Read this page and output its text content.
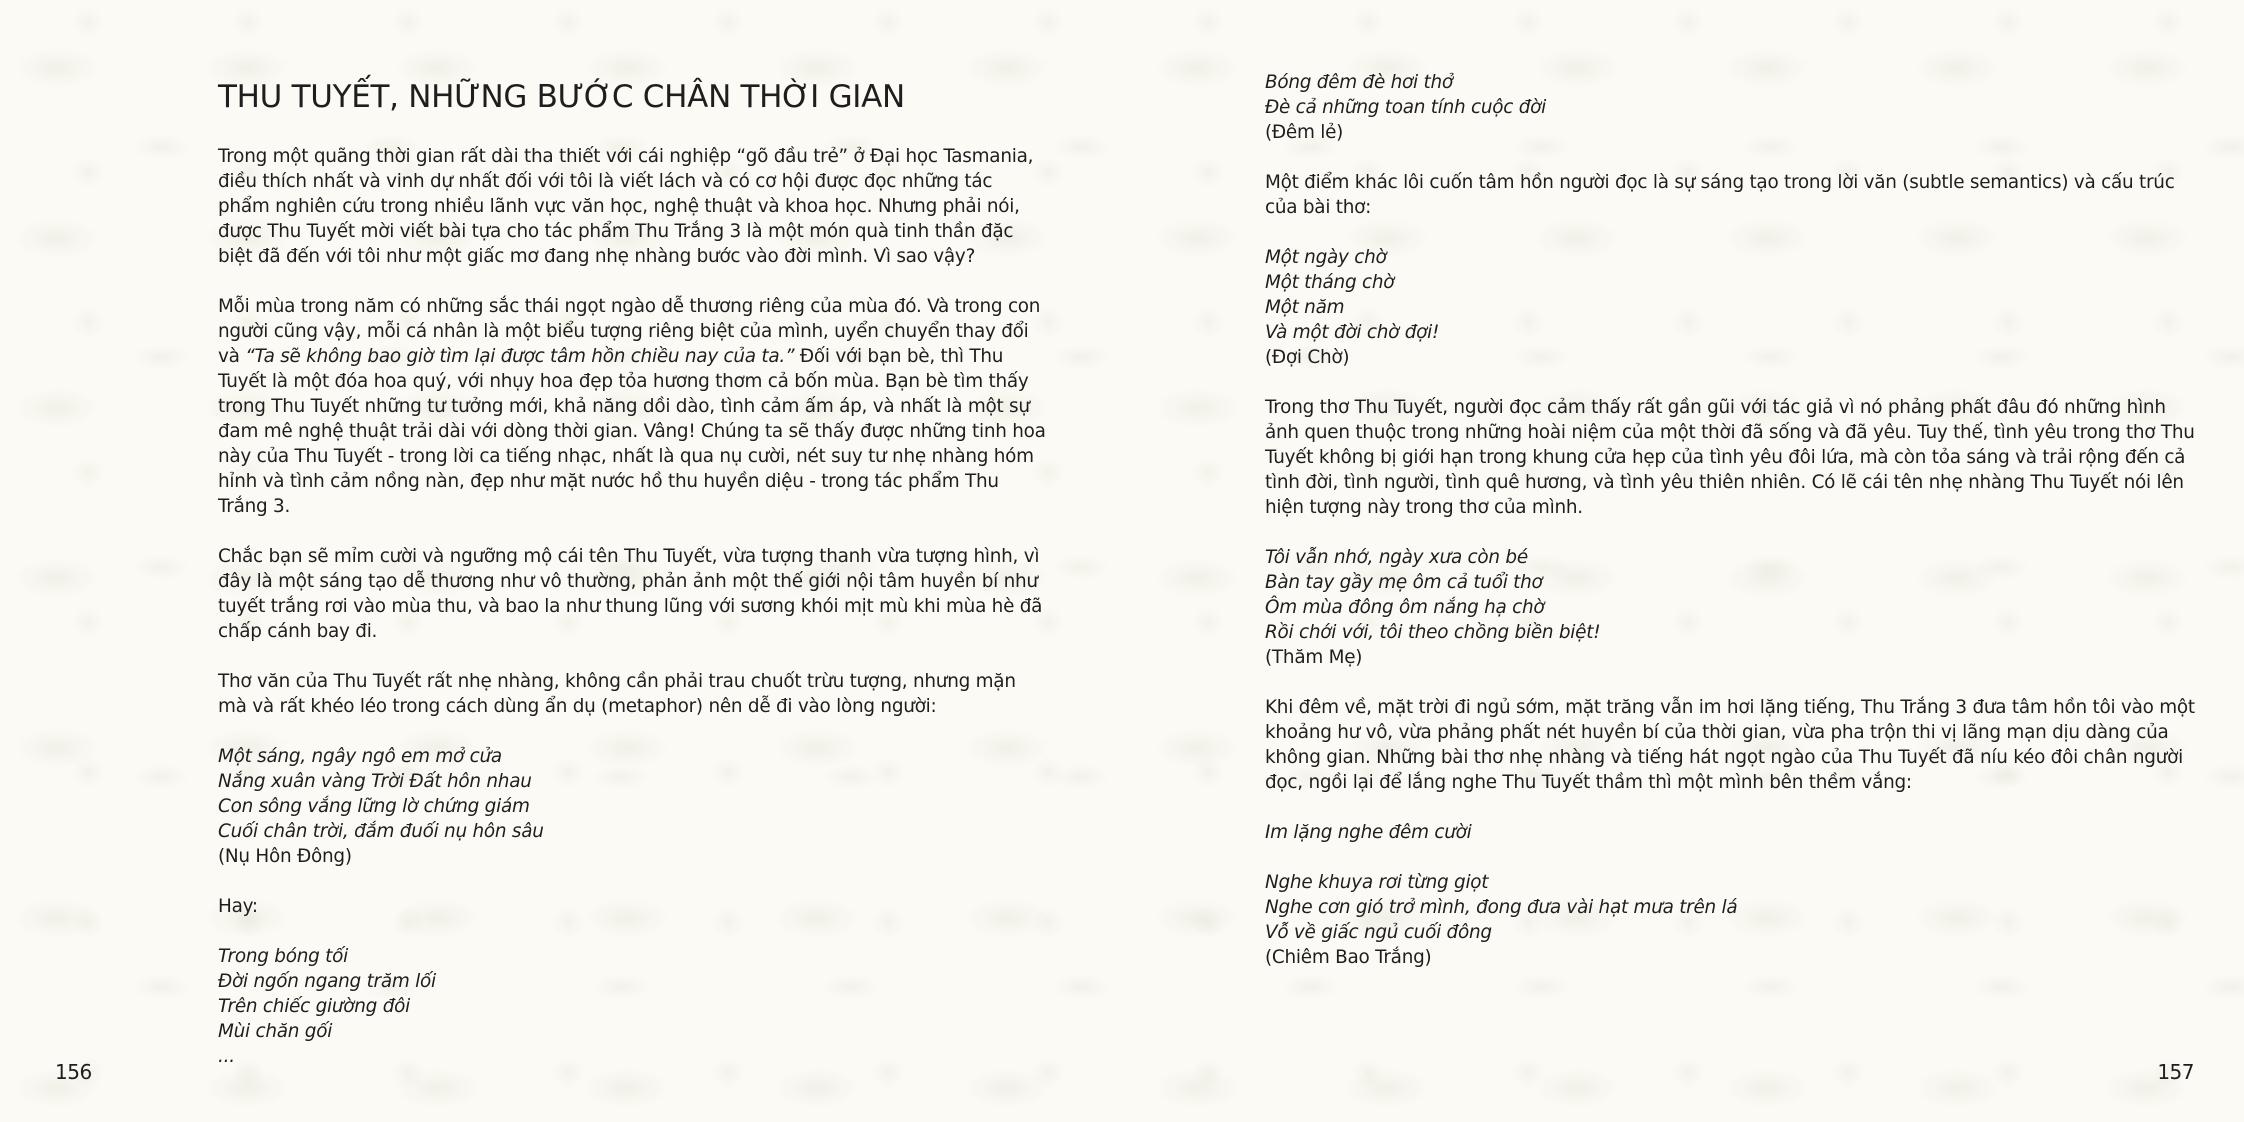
THU TUYẾT, NHỮNG BƯỚC CHÂN THỜI GIAN

Trong một quãng thời gian rất dài tha thiết với cái nghiệp “gõ đầu trẻ” ở Đại học Tasmania, điều thích nhất và vinh dự nhất đối với tôi là viết lách và có cơ hội được đọc những tác phẩm nghiên cứu trong nhiều lãnh vực văn học, nghệ thuật và khoa học. Nhưng phải nói, được Thu Tuyết mời viết bài tựa cho tác phẩm Thu Trắng 3 là một món quà tinh thần đặc biệt đã đến với tôi như một giấc mơ đang nhẹ nhàng bước vào đời mình. Vì sao vậy?

Mỗi mùa trong năm có những sắc thái ngọt ngào dễ thương riêng của mùa đó. Và trong con người cũng vậy, mỗi cá nhân là một biểu tượng riêng biệt của mình, uyển chuyển thay đổi và “Ta sẽ không bao giờ tìm lại được tâm hồn chiều nay của ta.” Đối với bạn bè, thì Thu Tuyết là một đóa hoa quý, với nhụy hoa đẹp tỏa hương thơm cả bốn mùa. Bạn bè tìm thấy trong Thu Tuyết những tư tưởng mới, khả năng dồi dào, tình cảm ấm áp, và nhất là một sự đam mê nghệ thuật trải dài với dòng thời gian. Vâng! Chúng ta sẽ thấy được những tinh hoa này của Thu Tuyết - trong lời ca tiếng nhạc, nhất là qua nụ cười, nét suy tư nhẹ nhàng hóm hỉnh và tình cảm nồng nàn, đẹp như mặt nước hồ thu huyền diệu - trong tác phẩm Thu Trắng 3.

Chắc bạn sẽ mỉm cười và ngưỡng mộ cái tên Thu Tuyết, vừa tượng thanh vừa tượng hình, vì đây là một sáng tạo dễ thương như vô thường, phản ảnh một thế giới nội tâm huyền bí như tuyết trắng rơi vào mùa thu, và bao la như thung lũng với sương khói mịt mù khi mùa hè đã chấp cánh bay đi.

Thơ văn của Thu Tuyết rất nhẹ nhàng, không cần phải trau chuốt trừu tượng, nhưng mặn mà và rất khéo léo trong cách dùng ẩn dụ (metaphor) nên dễ đi vào lòng người:

Một sáng, ngây ngô em mở cửa
Nắng xuân vàng Trời Đất hôn nhau
Con sông vắng lững lờ chứng giám
Cuối chân trời, đắm đuối nụ hôn sâu
(Nụ Hôn Đông)

Hay:

Trong bóng tối
Đời ngốn ngang trăm lối
Trên chiếc giường đôi
Mùi chăn gối
...
156
Bóng đêm đè hơi thở
Đè cả những toan tính cuộc đời
(Đêm lẻ)

Một điểm khác lôi cuốn tâm hồn người đọc là sự sáng tạo trong lời văn (subtle semantics) và cấu trúc của bài thơ:

Một ngày chờ
Một tháng chờ
Một năm
Và một đời chờ đợi!
(Đợi Chờ)

Trong thơ Thu Tuyết, người đọc cảm thấy rất gần gũi với tác giả vì nó phảng phất đâu đó những hình ảnh quen thuộc trong những hoài niệm của một thời đã sống và đã yêu. Tuy thế, tình yêu trong thơ Thu Tuyết không bị giới hạn trong khung cửa hẹp của tình yêu đôi lứa, mà còn tỏa sáng và trải rộng đến cả tình đời, tình người, tình quê hương, và tình yêu thiên nhiên. Có lẽ cái tên nhẹ nhàng Thu Tuyết nói lên hiện tượng này trong thơ của mình.

Tôi vẫn nhớ, ngày xưa còn bé
Bàn tay gầy mẹ ôm cả tuổi thơ
Ôm mùa đông ôm nắng hạ chờ
Rồi chới với, tôi theo chồng biền biệt!
(Thăm Mẹ)

Khi đêm về, mặt trời đi ngủ sớm, mặt trăng vẫn im hơi lặng tiếng, Thu Trắng 3 đưa tâm hồn tôi vào một khoảng hư vô, vừa phảng phất nét huyền bí của thời gian, vừa pha trộn thi vị lãng mạn dịu dàng của không gian. Những bài thơ nhẹ nhàng và tiếng hát ngọt ngào của Thu Tuyết đã níu kéo đôi chân người đọc, ngồi lại để lắng nghe Thu Tuyết thầm thì một mình bên thềm vắng:

Im lặng nghe đêm cười
Nghe khuya rơi từng giọt
Nghe cơn gió trở mình, đong đưa vài hạt mưa trên lá
Vỗ về giấc ngủ cuối đông
(Chiêm Bao Trắng)
157
